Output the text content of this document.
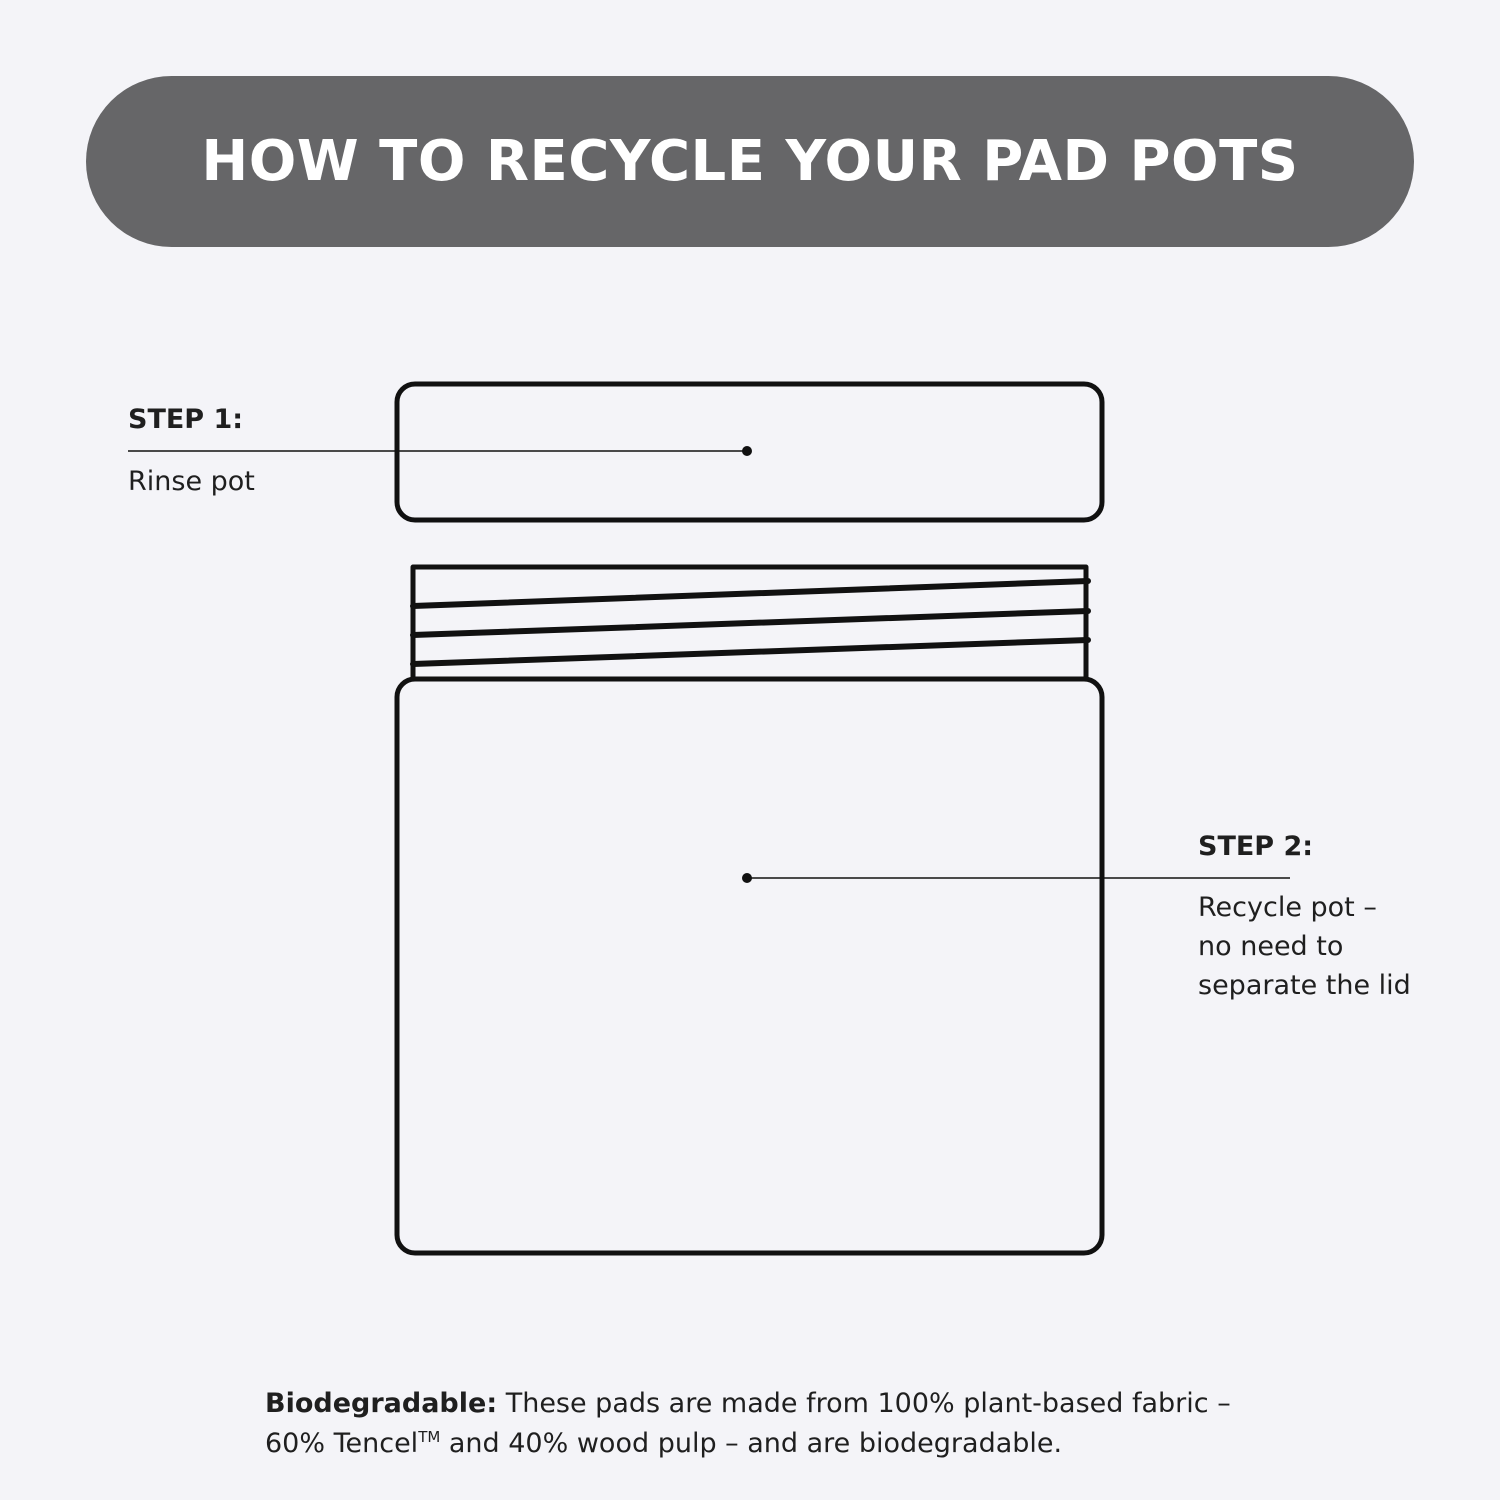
HOW TO RECYCLE YOUR PAD POTS
STEP 1:
Rinse pot
STEP 2:
Recycle pot –
no need to
separate the lid
Biodegradable: These pads are made from 100% plant-based fabric –
60% Tencel™ and 40% wood pulp – and are biodegradable.
